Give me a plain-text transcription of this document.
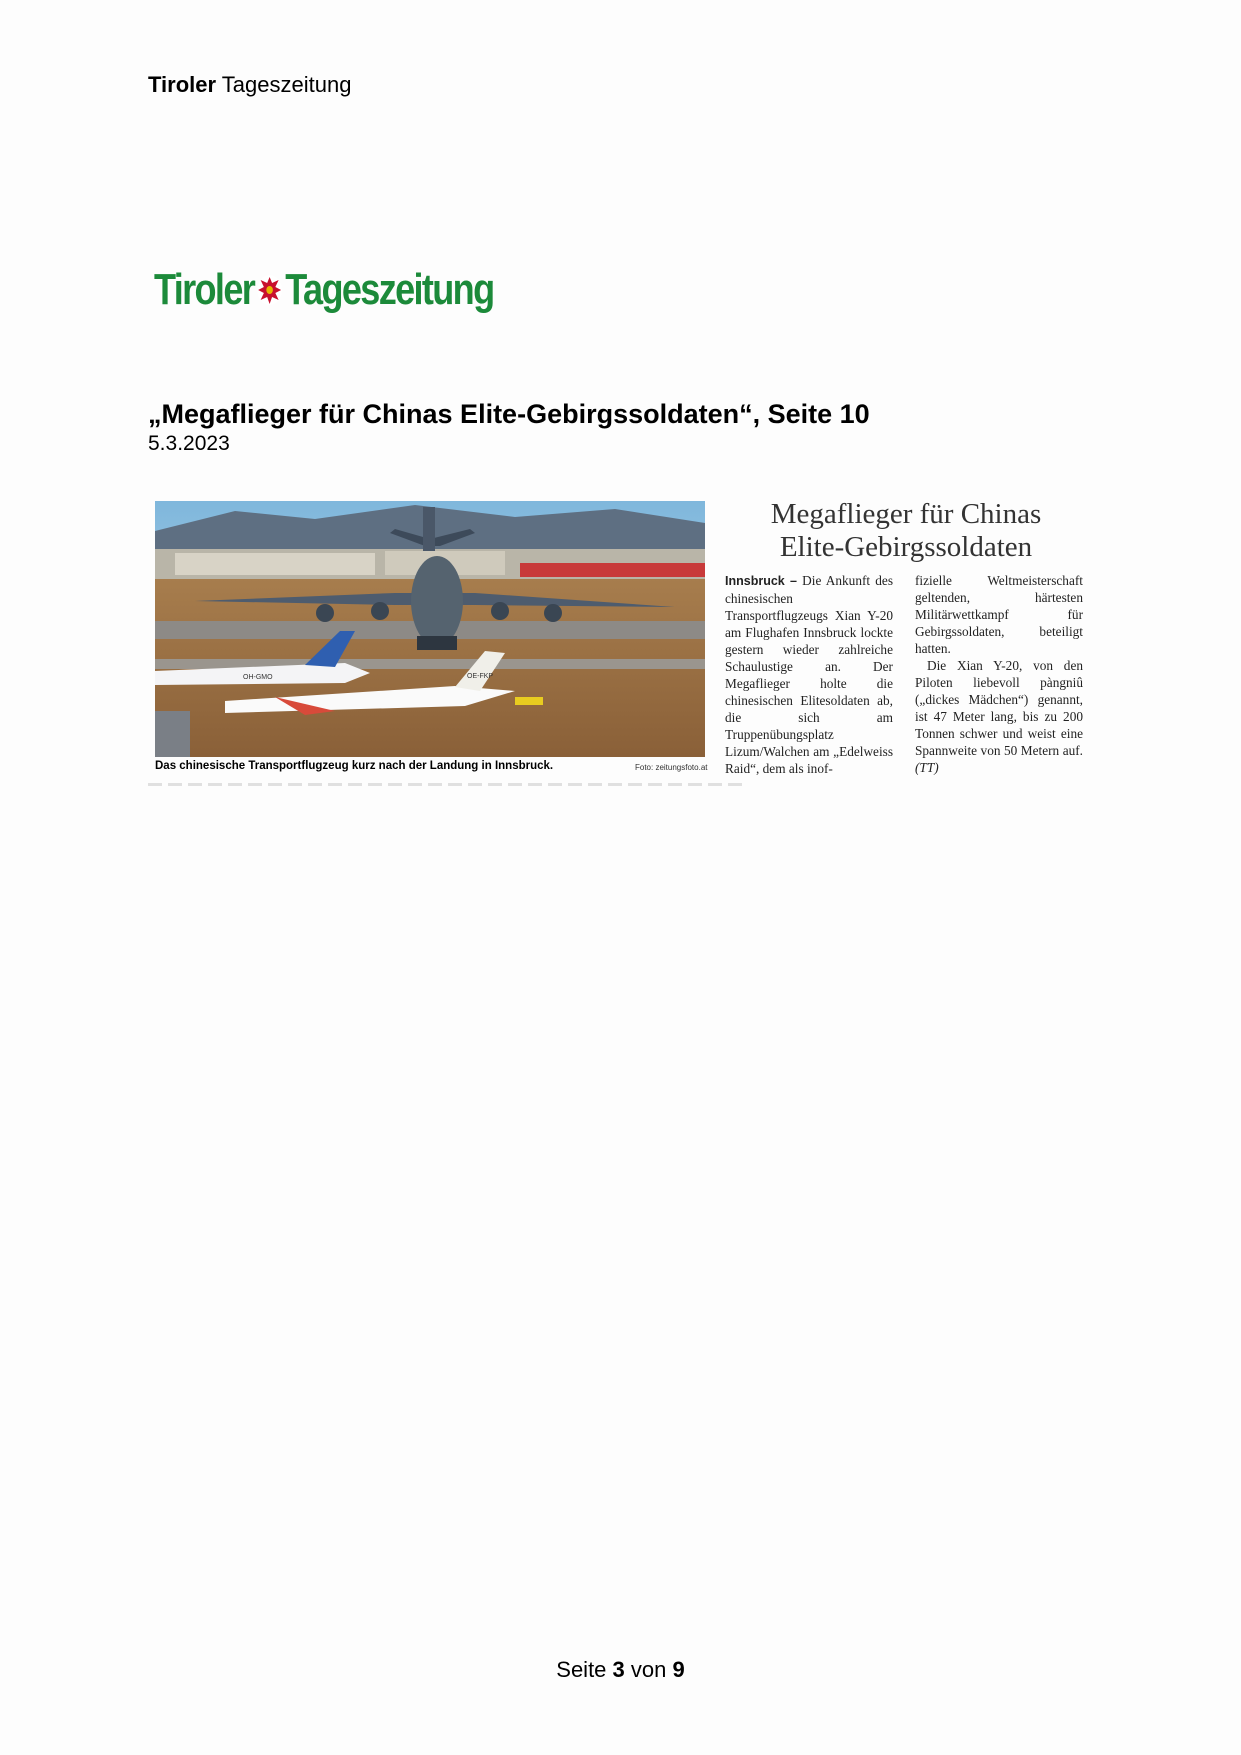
Tiroler Tageszeitung
Tiroler Tageszeitung
„Megaflieger für Chinas Elite-Gebirgssoldaten“, Seite 10
5.3.2023
OH-GMO	OE-FKP
Das chinesische Transportflugzeug kurz nach der Landung in Innsbruck.	Foto: zeitungsfoto.at
Megaflieger für Chinas
Elite-Gebirgssoldaten

Innsbruck – Die Ankunft des chinesischen Transportflugzeugs Xian Y-20 am Flughafen Innsbruck lockte gestern wieder zahlreiche Schaulustige an. Der Megaflieger holte die chinesischen Elitesoldaten ab, die sich am Truppenübungsplatz Lizum/Walchen am „Edelweiss Raid“, dem als inof-

fizielle Weltmeisterschaft geltenden, härtesten Militärwettkampf für Gebirgssoldaten, beteiligt hatten.

Die Xian Y-20, von den Piloten liebevoll pàngniû („dickes Mädchen“) genannt, ist 47 Meter lang, bis zu 200 Tonnen schwer und weist eine Spannweite von 50 Metern auf. (TT)

Seite 3 von 9
